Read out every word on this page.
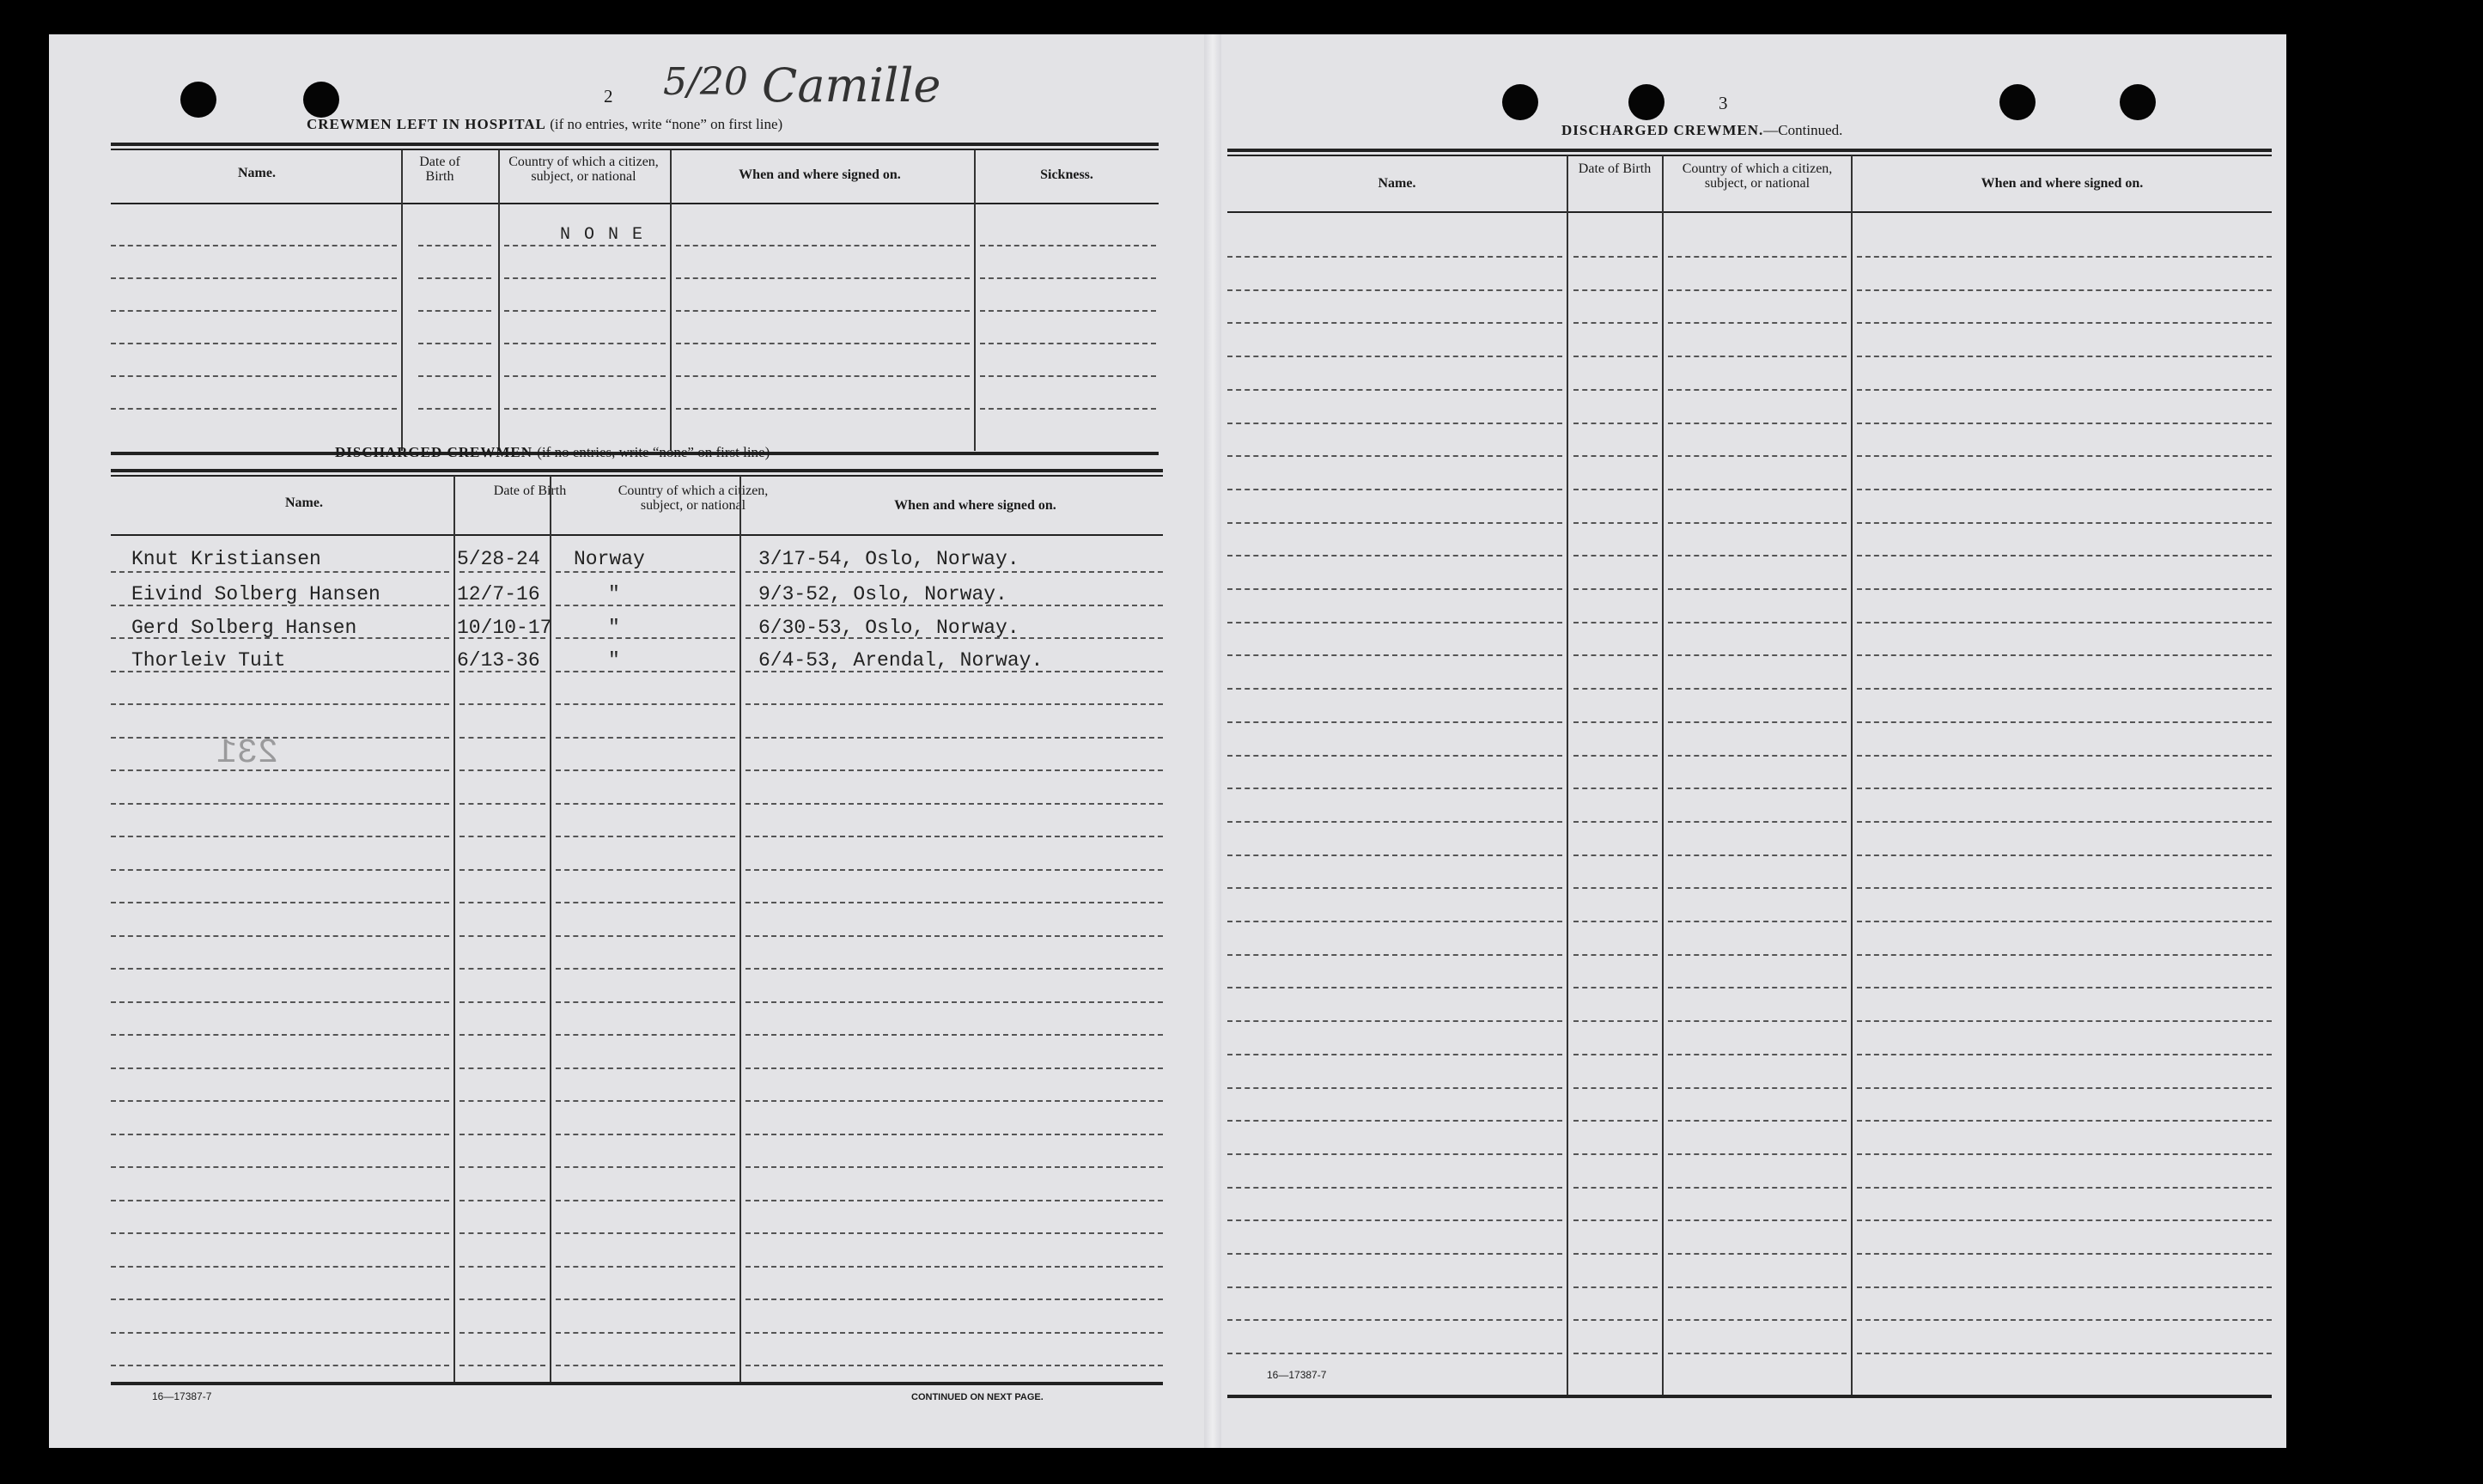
2 5/20 Camille
CREWMEN LEFT IN HOSPITAL (if no entries, write “none” on first line)
Name.
Date of Birth
Country of which a citizen, subject, or national	When and where signed on.	Sickness.
N O N E
DISCHARGED CREWMEN (if no entries, write “none” on first line)
Name.
Date of Birth	Country of which a citizen, subject, or national	When and where signed on.
Knut Kristiansen	5/28-24 Norway	3/17-54, Oslo, Norway.
Eivind Solberg Hansen	12/7-16	"	9/3-52, Oslo, Norway.
Gerd Solberg Hansen	10/10-17	"	6/30-53, Oslo, Norway.
Thorleiv Tuit	6/13-36	"	6/4-53, Arendal, Norway.
231
16—17387-7	CONTINUED ON NEXT PAGE.
3
DISCHARGED CREWMEN.—Continued.
Name.
Date of Birth	Country of which a citizen, subject, or national	When and where signed on.
16—17387-7
